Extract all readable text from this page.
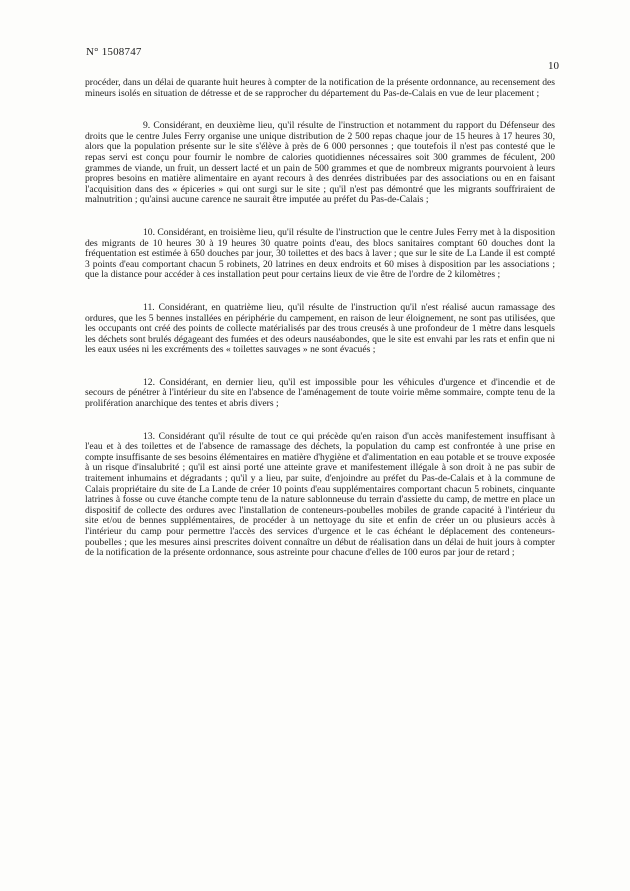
N° 1508747
10

procéder, dans un délai de quarante huit heures à compter de la notification de la présente ordonnance, au recensement des mineurs isolés en situation de détresse et de se rapprocher du département du Pas-de-Calais en vue de leur placement ;

9. Considérant, en deuxième lieu, qu'il résulte de l'instruction et notamment du rapport du Défenseur des droits que le centre Jules Ferry organise une unique distribution de 2 500 repas chaque jour de 15 heures à 17 heures 30, alors que la population présente sur le site s'élève à près de 6 000 personnes ; que toutefois il n'est pas contesté que le repas servi est conçu pour fournir le nombre de calories quotidiennes nécessaires soit 300 grammes de féculent, 200 grammes de viande, un fruit, un dessert lacté et un pain de 500 grammes et que de nombreux migrants pourvoient à leurs propres besoins en matière alimentaire en ayant recours à des denrées distribuées par des associations ou en en faisant l'acquisition dans des « épiceries » qui ont surgi sur le site ; qu'il n'est pas démontré que les migrants souffriraient de malnutrition ; qu'ainsi aucune carence ne saurait être imputée au préfet du Pas-de-Calais ;

10. Considérant, en troisième lieu, qu'il résulte de l'instruction que le centre Jules Ferry met à la disposition des migrants de 10 heures 30 à 19 heures 30 quatre points d'eau, des blocs sanitaires comptant 60 douches dont la fréquentation est estimée à 650 douches par jour, 30 toilettes et des bacs à laver ; que sur le site de La Lande il est compté 3 points d'eau comportant chacun 5 robinets, 20 latrines en deux endroits et 60 mises à disposition par les associations ; que la distance pour accéder à ces installation peut pour certains lieux de vie être de l'ordre de 2 kilomètres ;

11. Considérant, en quatrième lieu, qu'il résulte de l'instruction qu'il n'est réalisé aucun ramassage des ordures, que les 5 bennes installées en périphérie du campement, en raison de leur éloignement, ne sont pas utilisées, que les occupants ont créé des points de collecte matérialisés par des trous creusés à une profondeur de 1 mètre dans lesquels les déchets sont brulés dégageant des fumées et des odeurs nauséabondes, que le site est envahi par les rats et enfin que ni les eaux usées ni les excréments des « toilettes sauvages » ne sont évacués ;

12. Considérant, en dernier lieu, qu'il est impossible pour les véhicules d'urgence et d'incendie et de secours de pénétrer à l'intérieur du site en l'absence de l'aménagement de toute voirie même sommaire, compte tenu de la prolifération anarchique des tentes et abris divers ;

13. Considérant qu'il résulte de tout ce qui précède qu'en raison d'un accès manifestement insuffisant à l'eau et à des toilettes et de l'absence de ramassage des déchets, la population du camp est confrontée à une prise en compte insuffisante de ses besoins élémentaires en matière d'hygiène et d'alimentation en eau potable et se trouve exposée à un risque d'insalubrité ; qu'il est ainsi porté une atteinte grave et manifestement illégale à son droit à ne pas subir de traitement inhumains et dégradants ; qu'il y a lieu, par suite, d'enjoindre au préfet du Pas-de-Calais et à la commune de Calais propriétaire du site de La Lande de créer 10 points d'eau supplémentaires comportant chacun 5 robinets, cinquante latrines à fosse ou cuve étanche compte tenu de la nature sablonneuse du terrain d'assiette du camp, de mettre en place un dispositif de collecte des ordures avec l'installation de conteneurs-poubelles mobiles de grande capacité à l'intérieur du site et/ou de bennes supplémentaires, de procéder à un nettoyage du site et enfin de créer un ou plusieurs accès à l'intérieur du camp pour permettre l'accès des services d'urgence et le cas échéant le déplacement des conteneurs-poubelles ; que les mesures ainsi prescrites doivent connaître un début de réalisation dans un délai de huit jours à compter de la notification de la présente ordonnance, sous astreinte pour chacune d'elles de 100 euros par jour de retard ;
